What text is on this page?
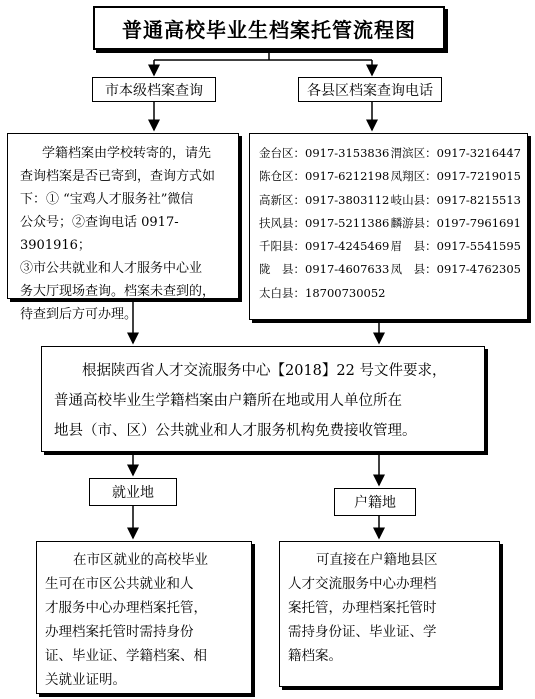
普通高校毕业生档案托管流程图
市本级档案查询	各县区档案查询电话
学籍档案由学校转寄的，请先
查询档案是否已寄到，查询方式如
下：① “宝鸡人才服务社”微信
公众号；②查询电话 0917-3901916；
③市公共就业和人才服务中心业
务大厅现场查询。档案未查到的，
待查到后方可办理。
金台区：0917-3153836 渭滨区：0917-3216447
陈仓区：0917-6212198 凤翔区：0917-7219015
高新区：0917-3803112 岐山县：0917-8215513
扶风县：0917-5211386 麟游县：0197-7961691
千阳县：0917-4245469 眉　县：0917-5541595
陇　县：0917-4607633 凤　县：0917-4762305
太白县：18700730052
根据陕西省人才交流服务中心【2018】22 号文件要求，
普通高校毕业生学籍档案由户籍所在地或用人单位所在
地县（市、区）公共就业和人才服务机构免费接收管理。
就业地
户籍地
在市区就业的高校毕业
生可在市区公共就业和人
才服务中心办理档案托管，
办理档案托管时需持身份
证、毕业证、学籍档案、相
关就业证明。
可直接在户籍地县区
人才交流服务中心办理档
案托管，办理档案托管时
需持身份证、毕业证、学
籍档案。
